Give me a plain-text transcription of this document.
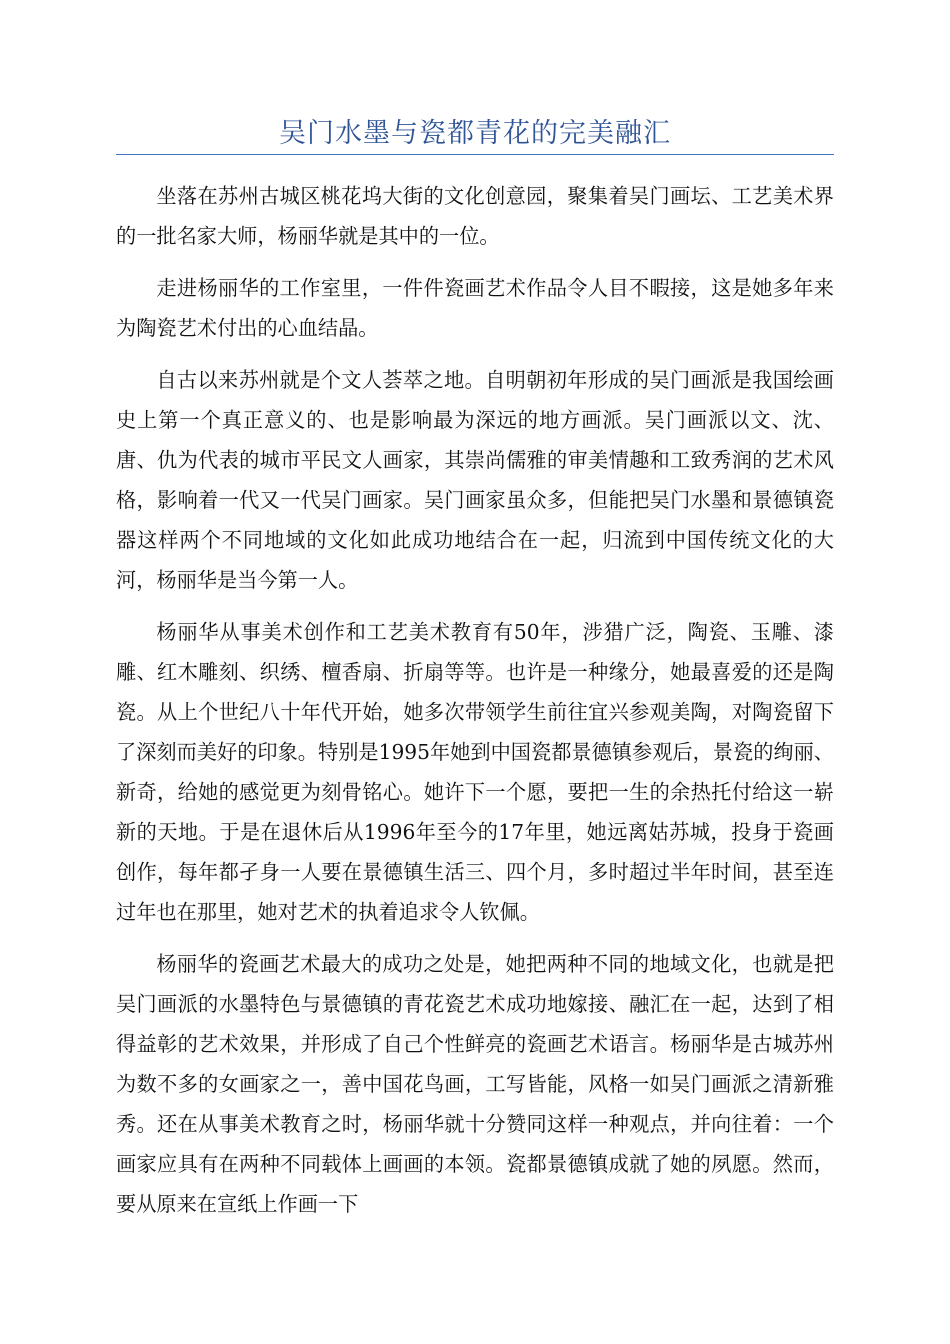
吴门水墨与瓷都青花的完美融汇

坐落在苏州古城区桃花坞大街的文化创意园，聚集着吴门画坛、工艺美术界的一批名家大师，杨丽华就是其中的一位。

走进杨丽华的工作室里，一件件瓷画艺术作品令人目不暇接，这是她多年来为陶瓷艺术付出的心血结晶。

自古以来苏州就是个文人荟萃之地。自明朝初年形成的吴门画派是我国绘画史上第一个真正意义的、也是影响最为深远的地方画派。吴门画派以文、沈、唐、仇为代表的城市平民文人画家，其崇尚儒雅的审美情趣和工致秀润的艺术风格，影响着一代又一代吴门画家。吴门画家虽众多，但能把吴门水墨和景德镇瓷器这样两个不同地域的文化如此成功地结合在一起，归流到中国传统文化的大河，杨丽华是当今第一人。

杨丽华从事美术创作和工艺美术教育有50年，涉猎广泛，陶瓷、玉雕、漆雕、红木雕刻、织绣、檀香扇、折扇等等。也许是一种缘分，她最喜爱的还是陶瓷。从上个世纪八十年代开始，她多次带领学生前往宜兴参观美陶，对陶瓷留下了深刻而美好的印象。特别是1995年她到中国瓷都景德镇参观后，景瓷的绚丽、新奇，给她的感觉更为刻骨铭心。她许下一个愿，要把一生的余热托付给这一崭新的天地。于是在退休后从1996年至今的17年里，她远离姑苏城，投身于瓷画创作，每年都孑身一人要在景德镇生活三、四个月，多时超过半年时间，甚至连过年也在那里，她对艺术的执着追求令人钦佩。

杨丽华的瓷画艺术最大的成功之处是，她把两种不同的地域文化，也就是把吴门画派的水墨特色与景德镇的青花瓷艺术成功地嫁接、融汇在一起，达到了相得益彰的艺术效果，并形成了自己个性鲜亮的瓷画艺术语言。杨丽华是古城苏州为数不多的女画家之一，善中国花鸟画，工写皆能，风格一如吴门画派之清新雅秀。还在从事美术教育之时，杨丽华就十分赞同这样一种观点，并向往着：一个画家应具有在两种不同载体上画画的本领。瓷都景德镇成就了她的夙愿。然而，要从原来在宣纸上作画一下
